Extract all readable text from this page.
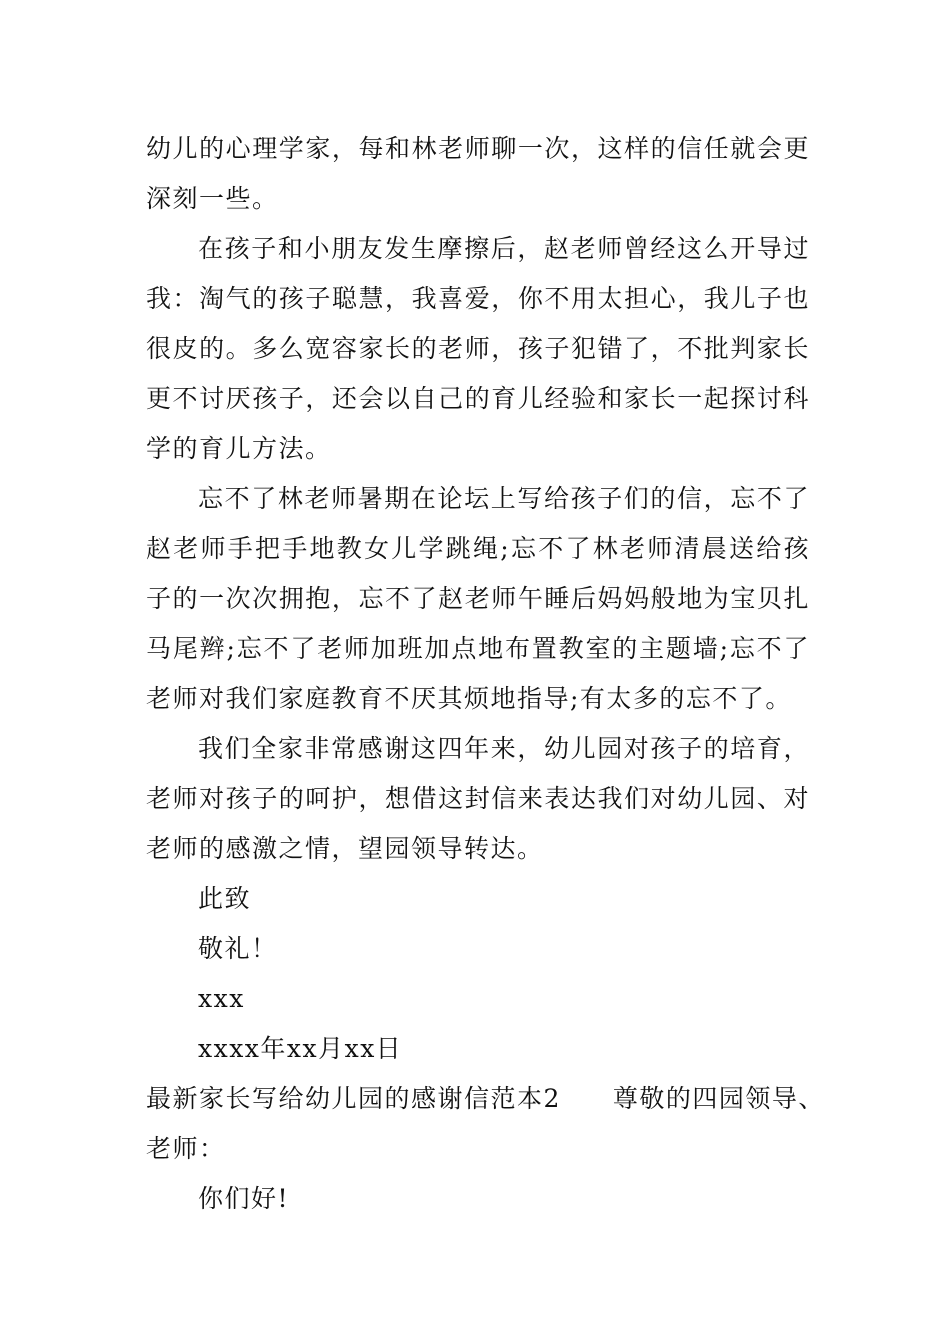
幼儿的心理学家，每和林老师聊一次，这样的信任就会更深刻一些。

在孩子和小朋友发生摩擦后，赵老师曾经这么开导过我：淘气的孩子聪慧，我喜爱，你不用太担心，我儿子也很皮的。多么宽容家长的老师，孩子犯错了，不批判家长更不讨厌孩子，还会以自己的育儿经验和家长一起探讨科学的育儿方法。

忘不了林老师暑期在论坛上写给孩子们的信，忘不了赵老师手把手地教女儿学跳绳;忘不了林老师清晨送给孩子的一次次拥抱，忘不了赵老师午睡后妈妈般地为宝贝扎马尾辫;忘不了老师加班加点地布置教室的主题墙;忘不了老师对我们家庭教育不厌其烦地指导;有太多的忘不了。

我们全家非常感谢这四年来，幼儿园对孩子的培育，老师对孩子的呵护，想借这封信来表达我们对幼儿园、对老师的感激之情，望园领导转达。

此致

敬礼！

xxx

xxxx年xx月xx日

最新家长写给幼儿园的感谢信范本2 尊敬的四园领导、

老师：

你们好!
